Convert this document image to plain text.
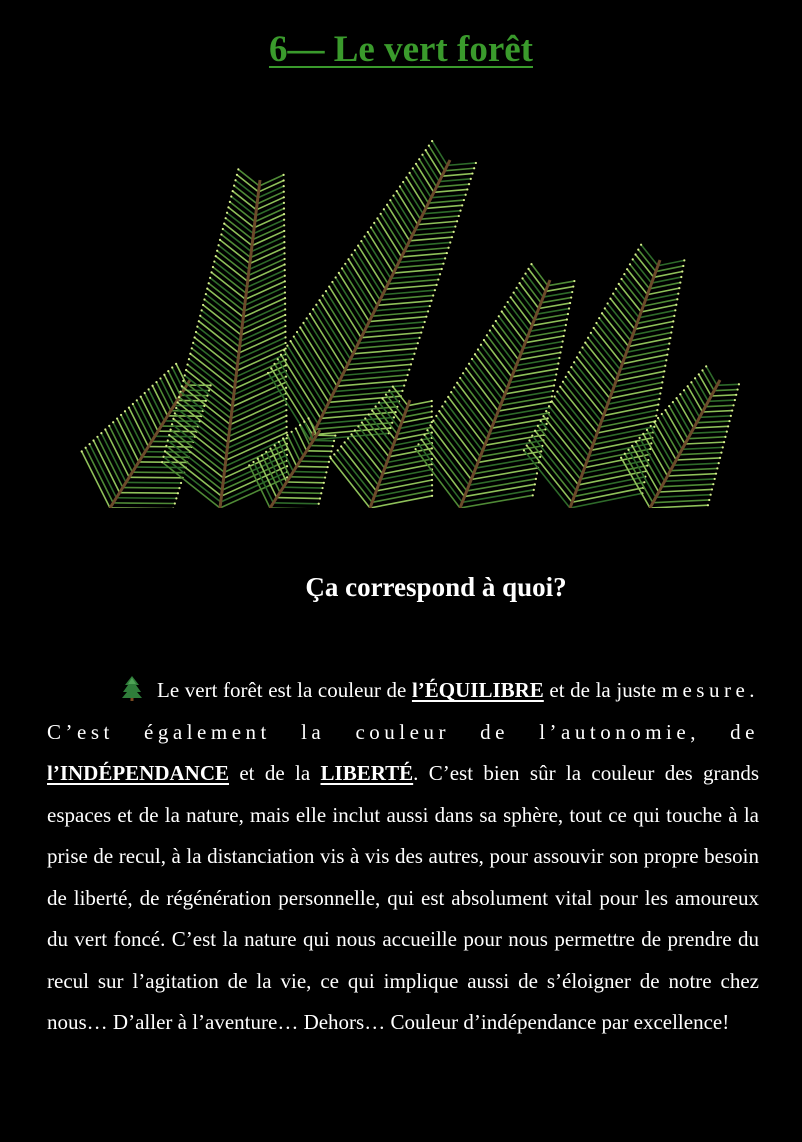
6— Le vert forêt
Ça correspond à quoi?

Le vert forêt est la couleur de l’ÉQUILIBRE et de la juste mesure. C’est également la couleur de l’autonomie, de l’INDÉPENDANCE et de la LIBERTÉ. C’est bien sûr la couleur des grands espaces et de la nature, mais elle inclut aussi dans sa sphère, tout ce qui touche à la prise de recul, à la distanciation vis à vis des autres, pour assouvir son propre besoin de liberté, de régénération personnelle, qui est absolument vital pour les amoureux du vert foncé. C’est la nature qui nous accueille pour nous permettre de prendre du recul sur l’agitation de la vie, ce qui implique aussi de s’éloigner de notre chez nous… D’aller à l’aventure… Dehors… Couleur d’indépendance par excellence!
